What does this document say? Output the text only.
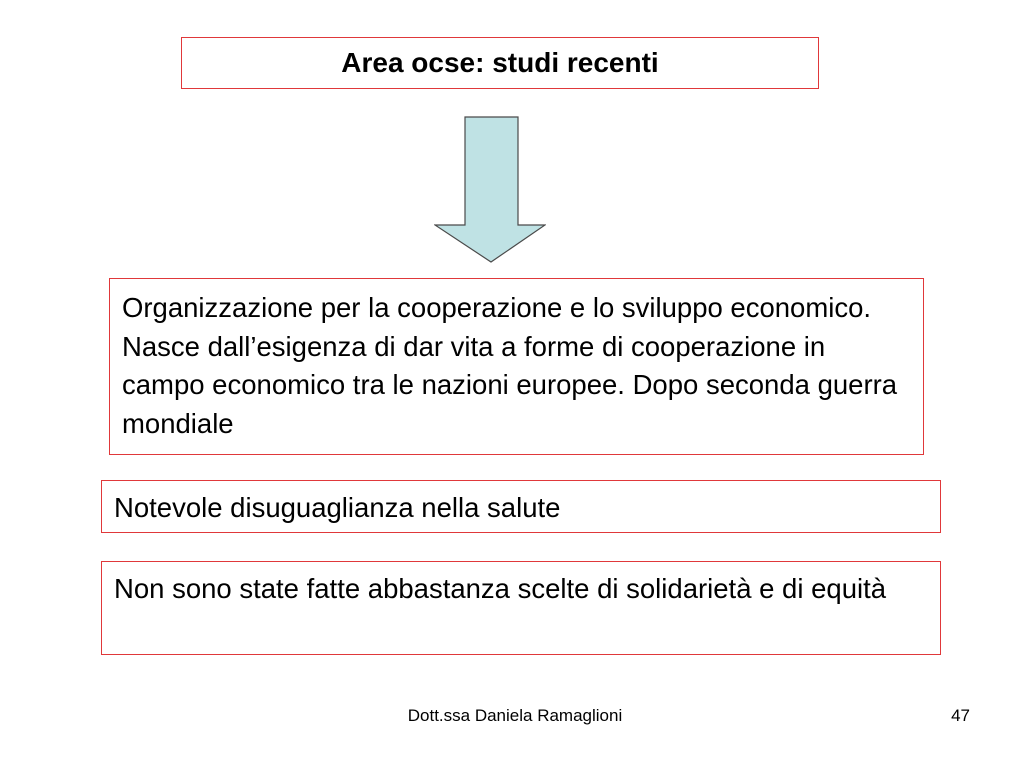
Area ocse: studi recenti
Organizzazione per la cooperazione e lo sviluppo economico. Nasce dall’esigenza di dar vita a forme di cooperazione in campo economico tra le nazioni europee. Dopo seconda guerra mondiale
Notevole disuguaglianza nella salute
Non sono state fatte abbastanza scelte di solidarietà e di equità
Dott.ssa Daniela Ramaglioni	47
